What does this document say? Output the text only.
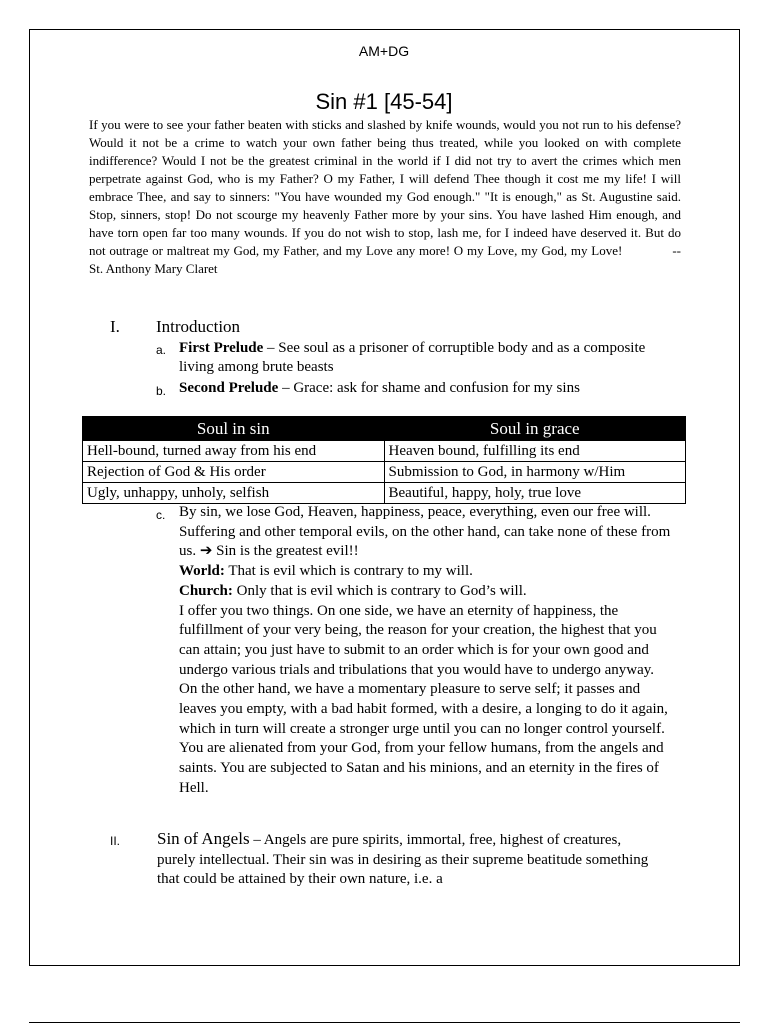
AM+DG
Sin #1 [45-54]
If you were to see your father beaten with sticks and slashed by knife wounds, would you not run to his defense? Would it not be a crime to watch your own father being thus treated, while you looked on with complete indifference? Would I not be the greatest criminal in the world if I did not try to avert the crimes which men perpetrate against God, who is my Father? O my Father, I will defend Thee though it cost me my life! I will embrace Thee, and say to sinners: "You have wounded my God enough." "It is enough," as St. Augustine said. Stop, sinners, stop! Do not scourge my heavenly Father more by your sins. You have lashed Him enough, and have torn open far too many wounds. If you do not wish to stop, lash me, for I indeed have deserved it. But do not outrage or maltreat my God, my Father, and my Love any more! O my Love, my God, my Love!	--St. Anthony Mary Claret
I. Introduction
a. First Prelude – See soul as a prisoner of corruptible body and as a composite living among brute beasts
b. Second Prelude – Grace: ask for shame and confusion for my sins
Soul in sin	Soul in grace
Hell-bound, turned away from his end	Heaven bound, fulfilling its end
Rejection of God & His order	Submission to God, in harmony w/Him
Ugly, unhappy, unholy, selfish	Beautiful, happy, holy, true love
c. By sin, we lose God, Heaven, happiness, peace, everything, even our free will. Suffering and other temporal evils, on the other hand, can take none of these from us. ➔ Sin is the greatest evil!!
World: That is evil which is contrary to my will.
Church: Only that is evil which is contrary to God’s will.
I offer you two things. On one side, we have an eternity of happiness, the fulfillment of your very being, the reason for your creation, the highest that you can attain; you just have to submit to an order which is for your own good and undergo various trials and tribulations that you would have to undergo anyway. On the other hand, we have a momentary pleasure to serve self; it passes and leaves you empty, with a bad habit formed, with a desire, a longing to do it again, which in turn will create a stronger urge until you can no longer control yourself. You are alienated from your God, from your fellow humans, from the angels and saints. You are subjected to Satan and his minions, and an eternity in the fires of Hell.
II. Sin of Angels – Angels are pure spirits, immortal, free, highest of creatures, purely intellectual. Their sin was in desiring as their supreme beatitude something that could be attained by their own nature, i.e. a
